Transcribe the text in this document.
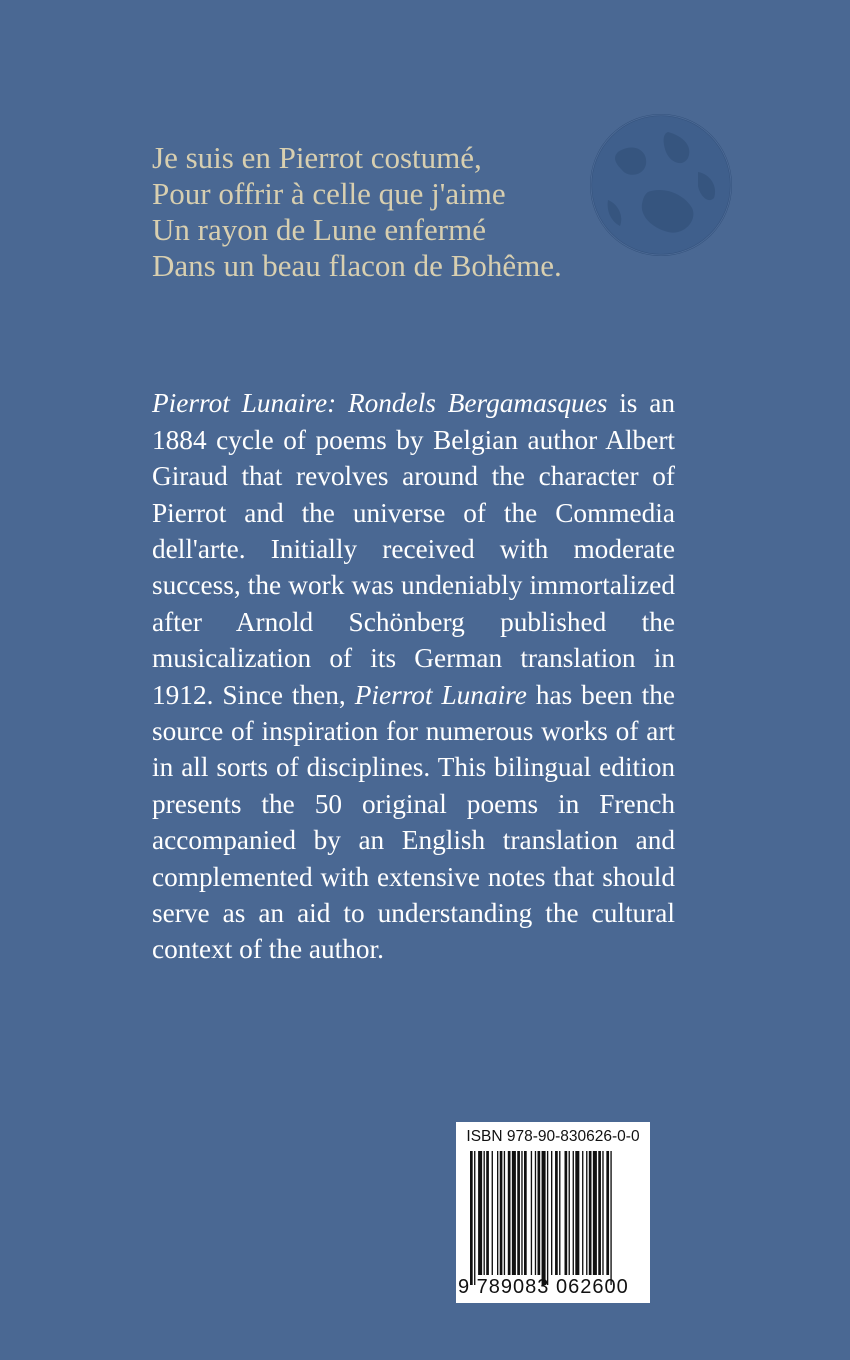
Je suis en Pierrot costumé,
Pour offrir à celle que j'aime
Un rayon de Lune enfermé
Dans un beau flacon de Bohême.

Pierrot Lunaire: Rondels Bergamasques is an 1884 cycle of poems by Belgian author Albert Giraud that revolves around the character of Pierrot and the universe of the Commedia dell'arte. Initially received with moderate success, the work was undeniably immortalized after Arnold Schönberg published the musicalization of its German translation in 1912. Since then, Pierrot Lunaire has been the source of inspiration for numerous works of art in all sorts of disciplines. This bilingual edition presents the 50 original poems in French accompanied by an English translation and complemented with extensive notes that should serve as an aid to understanding the cultural context of the author.

ISBN 978-90-830626-0-0
9 789083 062600
